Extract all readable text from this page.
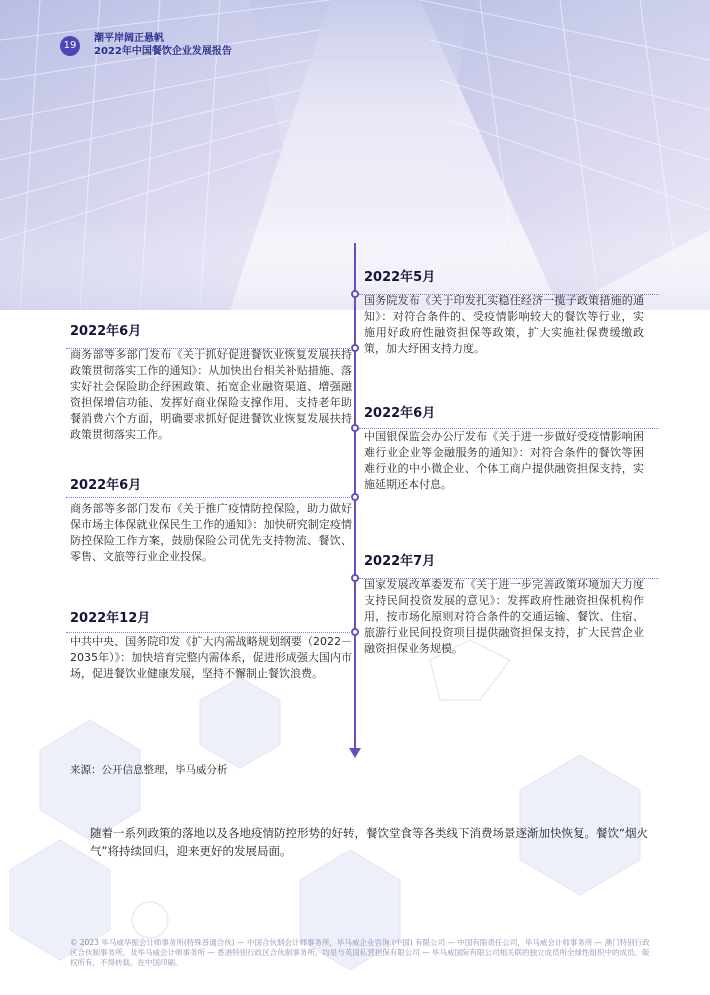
19
潮平岸阔正悬帆
2022年中国餐饮企业发展报告
2022年6月
商务部等多部门发布《关于抓好促进餐饮业恢复发展扶持政策贯彻落实工作的通知》：从加快出台相关补贴措施、落实好社会保险助企纾困政策、拓宽企业融资渠道、增强融资担保增信功能、发挥好商业保险支撑作用、支持老年助餐消费六个方面，明确要求抓好促进餐饮业恢复发展扶持政策贯彻落实工作。
2022年6月
商务部等多部门发布《关于推广疫情防控保险，助力做好保市场主体保就业保民生工作的通知》：加快研究制定疫情防控保险工作方案，鼓励保险公司优先支持物流、餐饮、零售、文旅等行业企业投保。
2022年12月
中共中央、国务院印发《扩大内需战略规划纲要（2022－2035年）》：加快培育完整内需体系，促进形成强大国内市场，促进餐饮业健康发展，坚持不懈制止餐饮浪费。
2022年5月
国务院发布《关于印发扎实稳住经济一揽子政策措施的通知》：对符合条件的、受疫情影响较大的餐饮等行业，实施用好政府性融资担保等政策，扩大实施社保费缓缴政策，加大纾困支持力度。
2022年6月
中国银保监会办公厅发布《关于进一步做好受疫情影响困难行业企业等金融服务的通知》：对符合条件的餐饮等困难行业的中小微企业、个体工商户提供融资担保支持，实施延期还本付息。
2022年7月
国家发展改革委发布《关于进一步完善政策环境加大力度支持民间投资发展的意见》：发挥政府性融资担保机构作用，按市场化原则对符合条件的交通运输、餐饮、住宿、旅游行业民间投资项目提供融资担保支持，扩大民营企业融资担保业务规模。
来源：公开信息整理，毕马威分析
随着一系列政策的落地以及各地疫情防控形势的好转，餐饮堂食等各类线下消费场景逐渐加快恢复。餐饮“烟火气”将持续回归，迎来更好的发展局面。
© 2023 毕马威华振会计师事务所(特殊普通合伙) — 中国合伙制会计师事务所，毕马威企业咨询 (中国) 有限公司 — 中国有限责任公司，毕马威会计师事务所 — 澳门特别行政区合伙制事务所，及毕马威会计师事务所 — 香港特别行政区合伙制事务所，均是与英国私营担保有限公司 — 毕马威国际有限公司相关联的独立成员所全球性组织中的成员。版权所有，不得转载。在中国印刷。
